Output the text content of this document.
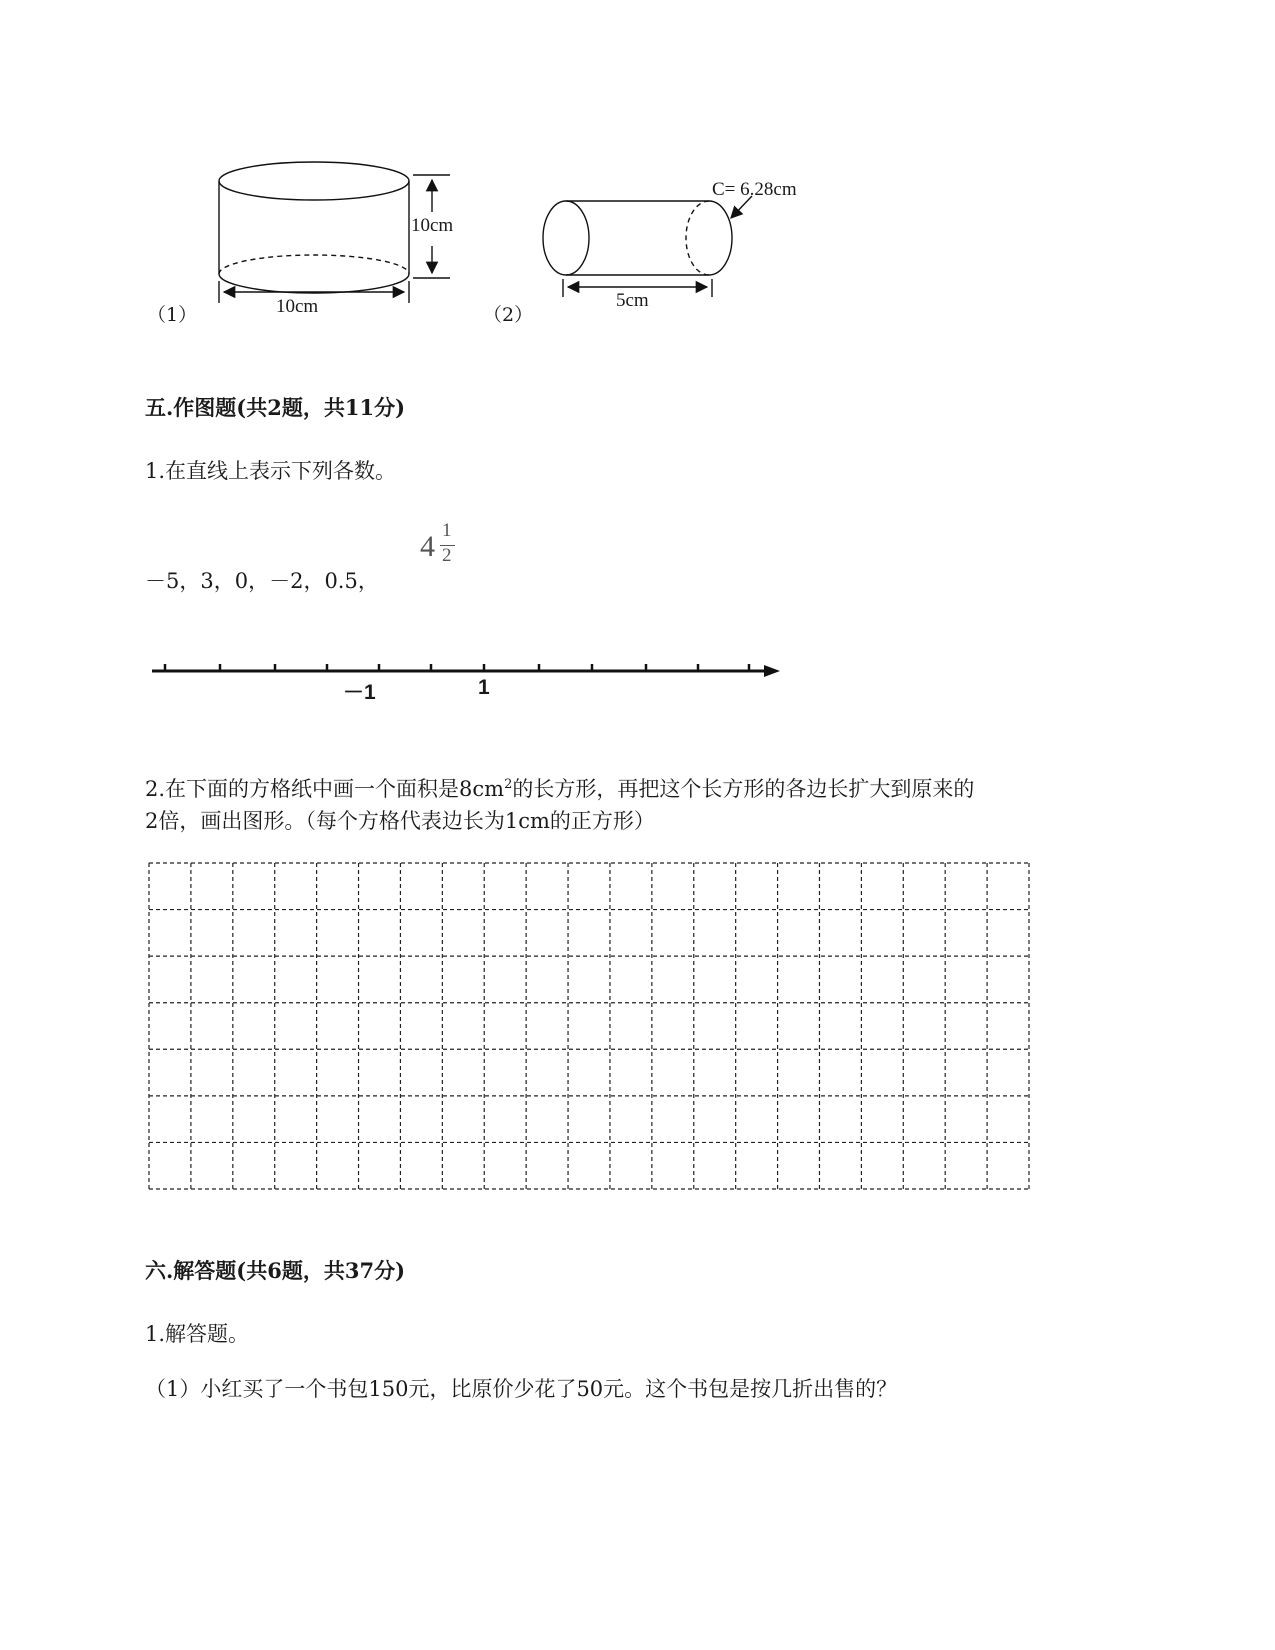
（1）
10cm
10cm	（2）
C= 6.28cm
5cm
五.作图题(共2题，共11分)
1.在直线上表示下列各数。
－5，3，0，－2，0.5，
4 1
2
－1	1
2.在下面的方格纸中画一个面积是$8cm^2$的长方形，再把这个长方形的各边长扩大到原来的
2倍，画出图形。（每个方格代表边长为1cm的正方形）
六.解答题(共6题，共37分)
1.解答题。
（1）小红买了一个书包150元，比原价少花了50元。这个书包是按几折出售的？
